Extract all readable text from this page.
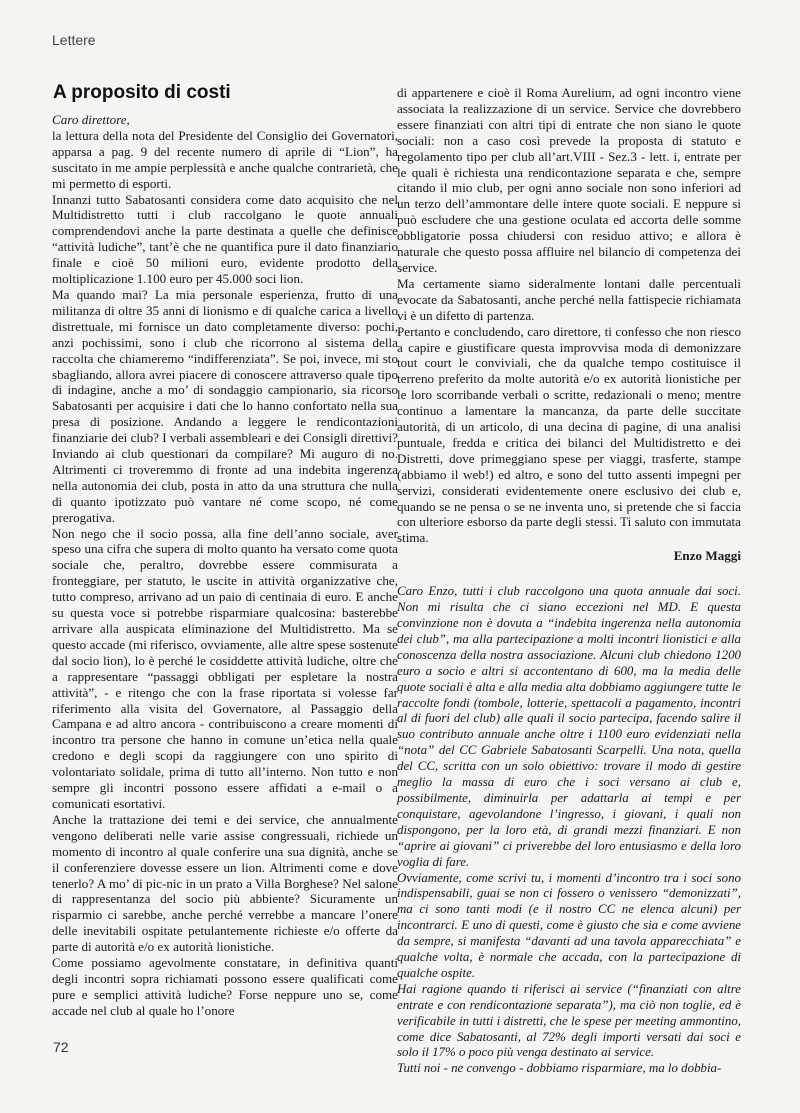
Lettere
A proposito di costi

Caro direttore,

la lettura della nota del Presidente del Consiglio dei Governatori, apparsa a pag. 9 del recente numero di aprile di “Lion”, ha suscitato in me ampie perplessità e anche qualche contrarietà, che mi permetto di esporti.

Innanzi tutto Sabatosanti considera come dato acquisito che nel Multidistretto tutti i club raccolgano le quote annuali comprendendovi anche la parte destinata a quelle che definisce “attività ludiche”, tant’è che ne quantifica pure il dato finanziario finale e cioè 50 milioni euro, evidente prodotto della moltiplicazione 1.100 euro per 45.000 soci lion.

Ma quando mai? La mia personale esperienza, frutto di una militanza di oltre 35 anni di lionismo e di qualche carica a livello distrettuale, mi fornisce un dato completamente diverso: pochi, anzi pochissimi, sono i club che ricorrono al sistema della raccolta che chiameremo “indifferenziata”. Se poi, invece, mi sto sbagliando, allora avrei piacere di conoscere attraverso quale tipo di indagine, anche a mo’ di sondaggio campionario, sia ricorso Sabatosanti per acquisire i dati che lo hanno confortato nella sua presa di posizione. Andando a leggere le rendicontazioni finanziarie dei club? I verbali assembleari e dei Consigli direttivi? Inviando ai club questionari da compilare? Mi auguro di no. Altrimenti ci troveremmo di fronte ad una indebita ingerenza nella autonomia dei club, posta in atto da una struttura che nulla di quanto ipotizzato può vantare né come scopo, né come prerogativa.

Non nego che il socio possa, alla fine dell’anno sociale, aver speso una cifra che supera di molto quanto ha versato come quota sociale che, peraltro, dovrebbe essere commisurata a fronteggiare, per statuto, le uscite in attività organizzative che, tutto compreso, arrivano ad un paio di centinaia di euro. E anche su questa voce si potrebbe risparmiare qualcosina: basterebbe arrivare alla auspicata eliminazione del Multidistretto. Ma se questo accade (mi riferisco, ovviamente, alle altre spese sostenute dal socio lion), lo è perché le cosiddette attività ludiche, oltre che a rappresentare “passaggi obbligati per espletare la nostra attività”, - e ritengo che con la frase riportata si volesse far riferimento alla visita del Governatore, al Passaggio della Campana e ad altro ancora - contribuiscono a creare momenti di incontro tra persone che hanno in comune un’etica nella quale credono e degli scopi da raggiungere con uno spirito di volontariato solidale, prima di tutto all’interno. Non tutto e non sempre gli incontri possono essere affidati a e-mail o a comunicati esortativi.

Anche la trattazione dei temi e dei service, che annualmente vengono deliberati nelle varie assise congressuali, richiede un momento di incontro al quale conferire una sua dignità, anche se il conferenziere dovesse essere un lion. Altrimenti come e dove tenerlo? A mo’ di pic-nic in un prato a Villa Borghese? Nel salone di rappresentanza del socio più abbiente? Sicuramente un risparmio ci sarebbe, anche perché verrebbe a mancare l’onere delle inevitabili ospitate petulantemente richieste e/o offerte da parte di autorità e/o ex autorità lionistiche.

Come possiamo agevolmente constatare, in definitiva quanti degli incontri sopra richiamati possono essere qualificati come pure e semplici attività ludiche? Forse neppure uno se, come accade nel club al quale ho l’onore

di appartenere e cioè il Roma Aurelium, ad ogni incontro viene associata la realizzazione di un service. Service che dovrebbero essere finanziati con altri tipi di entrate che non siano le quote sociali: non a caso così prevede la proposta di statuto e regolamento tipo per club all’art.VIII - Sez.3 - lett. i, entrate per le quali è richiesta una rendicontazione separata e che, sempre citando il mio club, per ogni anno sociale non sono inferiori ad un terzo dell’ammontare delle intere quote sociali. E neppure si può escludere che una gestione oculata ed accorta delle somme obbligatorie possa chiudersi con residuo attivo; e allora è naturale che questo possa affluire nel bilancio di competenza dei service.

Ma certamente siamo sideralmente lontani dalle percentuali evocate da Sabatosanti, anche perché nella fattispecie richiamata vi è un difetto di partenza.

Pertanto e concludendo, caro direttore, ti confesso che non riesco a capire e giustificare questa improvvisa moda di demonizzare tout court le conviviali, che da qualche tempo costituisce il terreno preferito da molte autorità e/o ex autorità lionistiche per le loro scorribande verbali o scritte, redazionali o meno; mentre continuo a lamentare la mancanza, da parte delle succitate autorità, di un articolo, di una decina di pagine, di una analisi puntuale, fredda e critica dei bilanci del Multidistretto e dei Distretti, dove primeggiano spese per viaggi, trasferte, stampe (abbiamo il web!) ed altro, e sono del tutto assenti impegni per servizi, considerati evidentemente onere esclusivo dei club e, quando se ne pensa o se ne inventa uno, si pretende che si faccia con ulteriore esborso da parte degli stessi. Ti saluto con immutata stima.

Enzo Maggi

Caro Enzo, tutti i club raccolgono una quota annuale dai soci. Non mi risulta che ci siano eccezioni nel MD. E questa convinzione non è dovuta a “indebita ingerenza nella autonomia dei club”, ma alla partecipazione a molti incontri lionistici e alla conoscenza della nostra associazione. Alcuni club chiedono 1200 euro a socio e altri si accontentano di 600, ma la media delle quote sociali è alta e alla media alta dobbiamo aggiungere tutte le raccolte fondi (tombole, lotterie, spettacoli a pagamento, incontri al di fuori del club) alle quali il socio partecipa, facendo salire il suo contributo annuale anche oltre i 1100 euro evidenziati nella “nota” del CC Gabriele Sabatosanti Scarpelli. Una nota, quella del CC, scritta con un solo obiettivo: trovare il modo di gestire meglio la massa di euro che i soci versano ai club e, possibilmente, diminuirla per adattarla ai tempi e per conquistare, agevolandone l’ingresso, i giovani, i quali non dispongono, per la loro età, di grandi mezzi finanziari. E non “aprire ai giovani” ci priverebbe del loro entusiasmo e della loro voglia di fare.

Ovviamente, come scrivi tu, i momenti d’incontro tra i soci sono indispensabili, guai se non ci fossero o venissero “demonizzati”, ma ci sono tanti modi (e il nostro CC ne elenca alcuni) per incontrarci. E uno di questi, come è giusto che sia e come avviene da sempre, si manifesta “davanti ad una tavola apparecchiata” e qualche volta, è normale che accada, con la partecipazione di qualche ospite.

Hai ragione quando ti riferisci ai service (“finanziati con altre entrate e con rendicontazione separata”), ma ciò non toglie, ed è verificabile in tutti i distretti, che le spese per meeting ammontino, come dice Sabatosanti, al 72% degli importi versati dai soci e solo il 17% o poco più venga destinato ai service.

Tutti noi - ne convengo - dobbiamo risparmiare, ma lo dobbia-

72
